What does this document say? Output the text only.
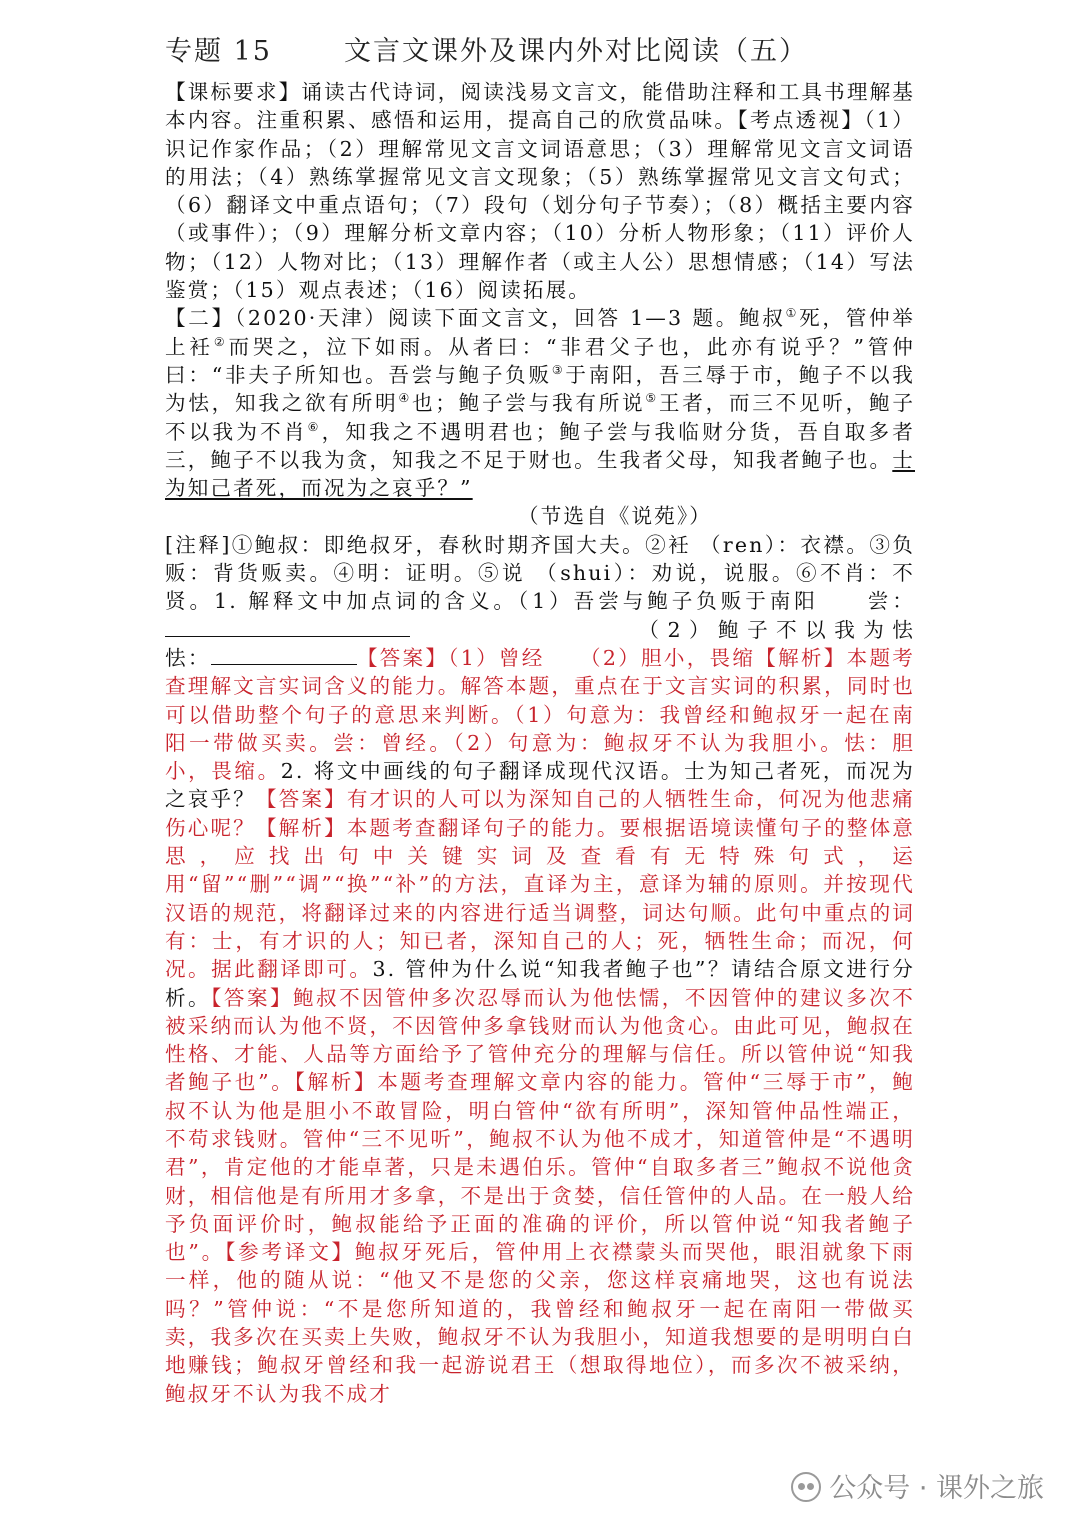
专题 15	文言文课外及课内外对比阅读（五）
【课标要求】诵读古代诗词，阅读浅易文言文，能借助注释和工具书理解基本内容。注重积累、感悟和运用，提高自己的欣赏品味。【考点透视】（1）识记作家作品；（2）理解常见文言文词语意思；（3）理解常见文言文词语的用法；（4）熟练掌握常见文言文现象；（5）熟练掌握常见文言文句式；（6）翻译文中重点语句；（7）段句（划分句子节奏）；（8）概括主要内容（或事件）；（9）理解分析文章内容；（10）分析人物形象；（11）评价人物；（12）人物对比；（13）理解作者（或主人公）思想情感；（14）写法鉴赏；（15）观点表述；（16）阅读拓展。
【二】（2020·天津）阅读下面文言文，回答 1—3 题。鲍叔①死，管仲举上衽②而哭之，泣下如雨。从者曰：“非君父子也，此亦有说乎？”管仲曰：“非夫子所知也。吾尝与鲍子负贩③于南阳，吾三辱于市，鲍子不以我为怯，知我之欲有所明④也；鲍子尝与我有所说⑤王者，而三不见听，鲍子不以我为不肖⑥，知我之不遇明君也；鲍子尝与我临财分货，吾自取多者三，鲍子不以我为贪，知我之不足于财也。生我者父母，知我者鲍子也。士为知己者死，而况为之哀乎？”
（节选自《说苑》）
[注释]①鲍叔：即绝叔牙，春秋时期齐国大夫。②衽 （ren）：衣襟。③负贩：背货贩卖。④明：证明。⑤说 （shui）：劝说，说服。⑥不肖：不贤。1. 解释文中加点词的含义。（1）吾尝与鲍子负贩于南阳　　尝：　　　　　　　　（2）鲍子不以我为怯　　　　怯：	【答案】（1）曾经　　（2）胆小，畏缩【解析】本题考查理解文言实词含义的能力。解答本题，重点在于文言实词的积累，同时也可以借助整个句子的意思来判断。（1）句意为：我曾经和鲍叔牙一起在南阳一带做买卖。尝：曾经。（2）句意为：鲍叔牙不认为我胆小。怯：胆小，畏缩。2. 将文中画线的句子翻译成现代汉语。士为知己者死，而况为之哀乎？【答案】有才识的人可以为深知自己的人牺牲生命，何况为他悲痛伤心呢？【解析】本题考查翻译句子的能力。要根据语境读懂句子的整体意思，应找出句中关键实词及查看有无特殊句式，运用“留”“删”“调”“换”“补”的方法，直译为主，意译为辅的原则。并按现代汉语的规范，将翻译过来的内容进行适当调整，词达句顺。此句中重点的词有：士，有才识的人；知已者，深知自己的人；死，牺牲生命；而况，何况。据此翻译即可。3. 管仲为什么说“知我者鲍子也”？请结合原文进行分析。【答案】鲍叔不因管仲多次忍辱而认为他怯懦，不因管仲的建议多次不被采纳而认为他不贤，不因管仲多拿钱财而认为他贪心。由此可见，鲍叔在性格、才能、人品等方面给予了管仲充分的理解与信任。所以管仲说“知我者鲍子也”。【解析】本题考查理解文章内容的能力。管仲“三辱于市”，鲍叔不认为他是胆小不敢冒险，明白管仲“欲有所明”，深知管仲品性端正，不苟求钱财。管仲“三不见听”，鲍叔不认为他不成才，知道管仲是“不遇明君”，肯定他的才能卓著，只是未遇伯乐。管仲“自取多者三”鲍叔不说他贪财，相信他是有所用才多拿，不是出于贪婪，信任管仲的人品。在一般人给予负面评价时，鲍叔能给予正面的准确的评价，所以管仲说“知我者鲍子也”。【参考译文】鲍叔牙死后，管仲用上衣襟蒙头而哭他，眼泪就象下雨一样，他的随从说：“他又不是您的父亲，您这样哀痛地哭，这也有说法吗？”管仲说：“不是您所知道的，我曾经和鲍叔牙一起在南阳一带做买卖，我多次在买卖上失败，鲍叔牙不认为我胆小，知道我想要的是明明白白地赚钱；鲍叔牙曾经和我一起游说君王（想取得地位），而多次不被采纳，鲍叔牙不认为我不成才
公众号 · 课外之旅
